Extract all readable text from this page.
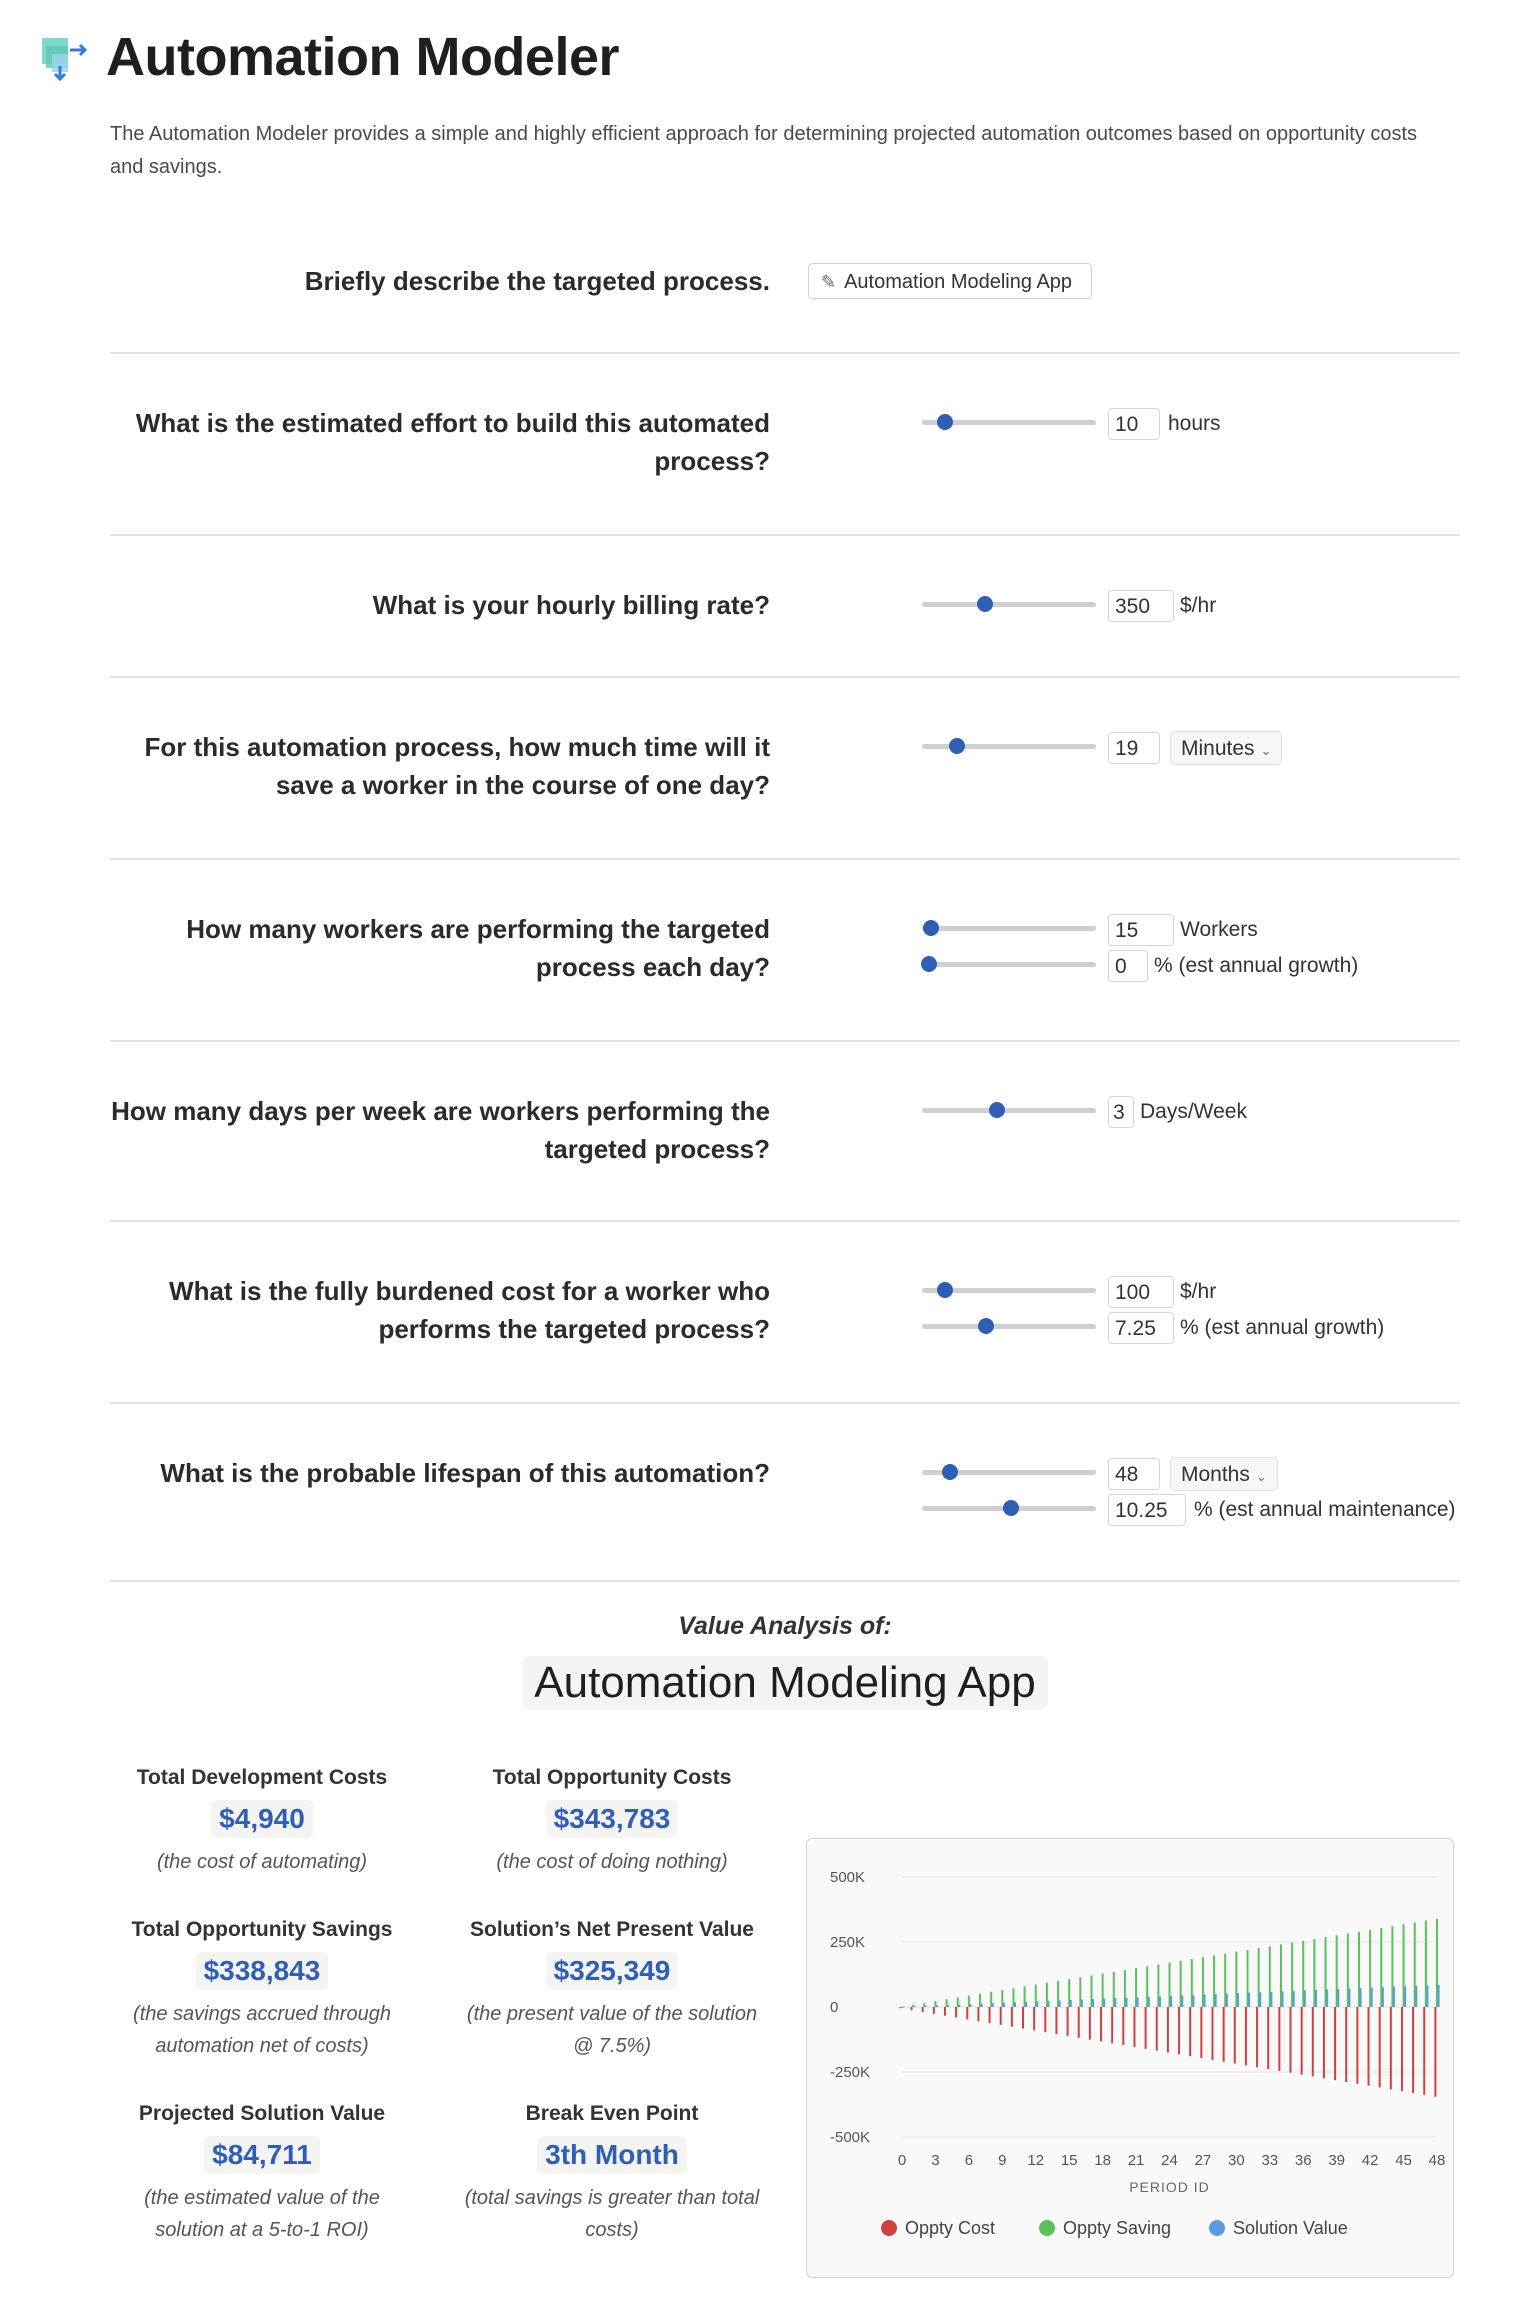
Automation Modeler
The Automation Modeler provides a simple and highly efficient approach for determining projected automation outcomes based on opportunity costs and savings.
Briefly describe the targeted process.	✎ Automation Modeling App
What is the estimated effort to build this automated process?
10	hours
What is your hourly billing rate?	350	$/hr
For this automation process, how much time will it save a worker in the course of one day?
19	Minutes ⌄
How many workers are performing the targeted process each day?
15	Workers
0	% (est annual growth)
How many days per week are workers performing the targeted process?
3 Days/Week
What is the fully burdened cost for a worker who performs the targeted process?
100	$/hr
7.25	% (est annual growth)
What is the probable lifespan of this automation?	48	Months ⌄
10.25	% (est annual maintenance)
Value Analysis of:
Automation Modeling App
Total Development Costs
$4,940
(the cost of automating)
Total Opportunity Costs
$343,783
(the cost of doing nothing)
Total Opportunity Savings
$338,843
(the savings accrued through automation net of costs)
Solution’s Net Present Value
$325,349
(the present value of the solution @ 7.5%)
Projected Solution Value
$84,711
(the estimated value of the solution at a 5-to-1 ROI)
Break Even Point
3th Month
(total savings is greater than total costs)
500K
250K
0
-250K
-500K
0 3 6 9 12 15 18 21 24 27 30 33 36 39 42 45 48
PERIOD ID
Oppty Cost	Oppty Saving	Solution Value
